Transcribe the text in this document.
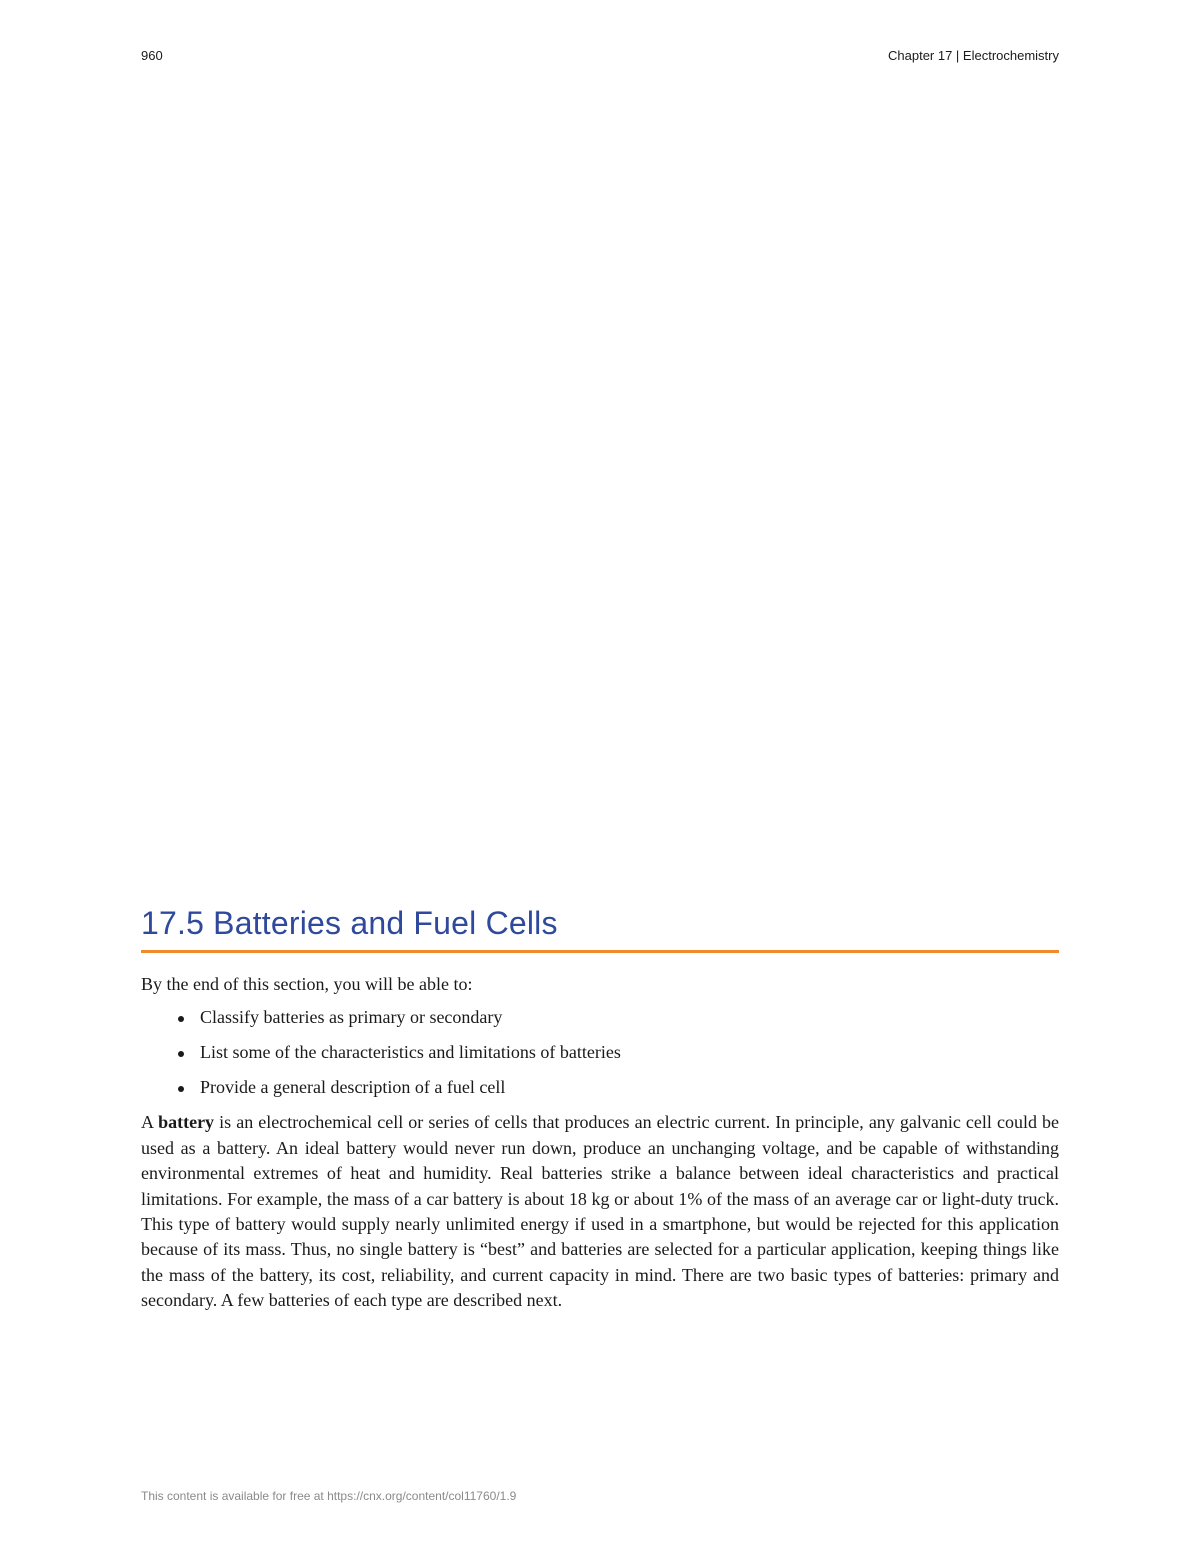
960	Chapter 17 | Electrochemistry
17.5 Batteries and Fuel Cells

By the end of this section, you will be able to:

Classify batteries as primary or secondary
List some of the characteristics and limitations of batteries
Provide a general description of a fuel cell

A battery is an electrochemical cell or series of cells that produces an electric current. In principle, any galvanic cell could be used as a battery. An ideal battery would never run down, produce an unchanging voltage, and be capable of withstanding environmental extremes of heat and humidity. Real batteries strike a balance between ideal characteristics and practical limitations. For example, the mass of a car battery is about 18 kg or about 1% of the mass of an average car or light-duty truck. This type of battery would supply nearly unlimited energy if used in a smartphone, but would be rejected for this application because of its mass. Thus, no single battery is “best” and batteries are selected for a particular application, keeping things like the mass of the battery, its cost, reliability, and current capacity in mind. There are two basic types of batteries: primary and secondary. A few batteries of each type are described next.

This content is available for free at https://cnx.org/content/col11760/1.9
